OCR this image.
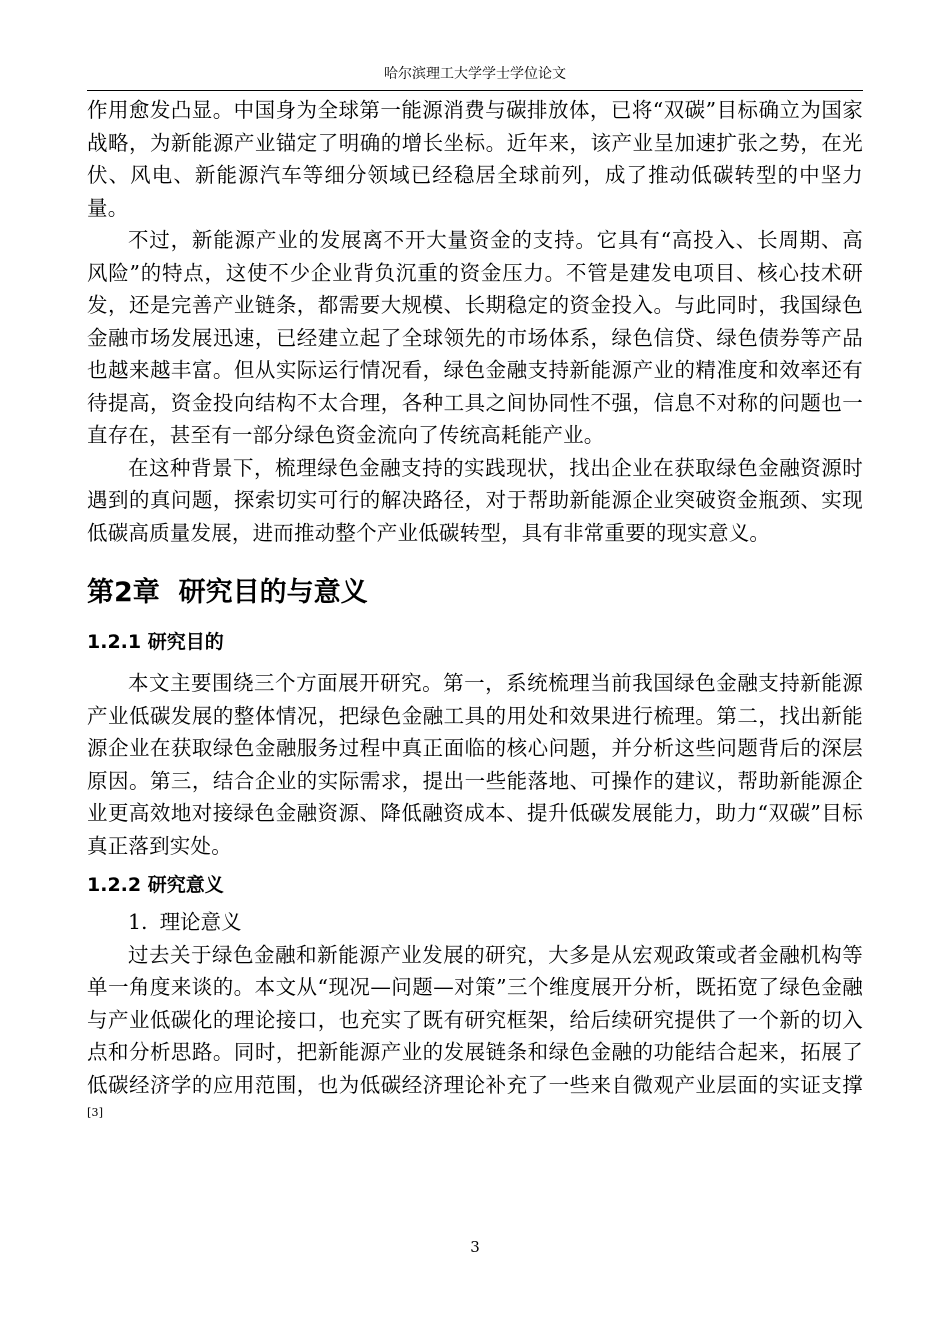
哈尔滨理工大学学士学位论文

作用愈发凸显。中国身为全球第一能源消费与碳排放体，已将“双碳”目标确立为国家战略，为新能源产业锚定了明确的增长坐标。近年来，该产业呈加速扩张之势，在光伏、风电、新能源汽车等细分领域已经稳居全球前列，成了推动低碳转型的中坚力量。

不过，新能源产业的发展离不开大量资金的支持。它具有“高投入、长周期、高风险”的特点，这使不少企业背负沉重的资金压力。不管是建发电项目、核心技术研发，还是完善产业链条，都需要大规模、长期稳定的资金投入。与此同时，我国绿色金融市场发展迅速，已经建立起了全球领先的市场体系，绿色信贷、绿色债券等产品也越来越丰富。但从实际运行情况看，绿色金融支持新能源产业的精准度和效率还有待提高，资金投向结构不太合理，各种工具之间协同性不强，信息不对称的问题也一直存在，甚至有一部分绿色资金流向了传统高耗能产业。

在这种背景下，梳理绿色金融支持的实践现状，找出企业在获取绿色金融资源时遇到的真问题，探索切实可行的解决路径，对于帮助新能源企业突破资金瓶颈、实现低碳高质量发展，进而推动整个产业低碳转型，具有非常重要的现实意义。

第2章  研究目的与意义
1.2.1 研究目的

本文主要围绕三个方面展开研究。第一，系统梳理当前我国绿色金融支持新能源产业低碳发展的整体情况，把绿色金融工具的用处和效果进行梳理。第二，找出新能源企业在获取绿色金融服务过程中真正面临的核心问题，并分析这些问题背后的深层原因。第三，结合企业的实际需求，提出一些能落地、可操作的建议，帮助新能源企业更高效地对接绿色金融资源、降低融资成本、提升低碳发展能力，助力“双碳”目标真正落到实处。

1.2.2 研究意义

1. 理论意义

过去关于绿色金融和新能源产业发展的研究，大多是从宏观政策或者金融机构等单一角度来谈的。本文从“现况—问题—对策”三个维度展开分析，既拓宽了绿色金融与产业低碳化的理论接口，也充实了既有研究框架，给后续研究提供了一个新的切入点和分析思路。同时，把新能源产业的发展链条和绿色金融的功能结合起来，拓展了低碳经济学的应用范围，也为低碳经济理论补充了一些来自微观产业层面的实证支撑[3]

3
